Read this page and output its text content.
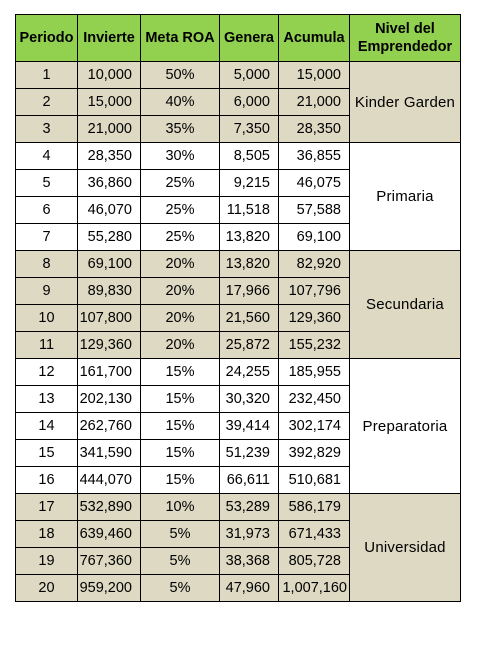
Periodo	Invierte	Meta ROA	Genera	Acumula	Nivel del Emprendedor
1	10,000	50%	5,000	15,000	Kinder Garden
2	15,000	40%	6,000	21,000	
3	21,000	35%	7,350	28,350	
4	28,350	30%	8,505	36,855	Primaria
5	36,860	25%	9,215	46,075	
6	46,070	25%	11,518	57,588	
7	55,280	25%	13,820	69,100	
8	69,100	20%	13,820	82,920	Secundaria
9	89,830	20%	17,966	107,796	
10	107,800	20%	21,560	129,360	
11	129,360	20%	25,872	155,232	
12	161,700	15%	24,255	185,955	Preparatoria
13	202,130	15%	30,320	232,450	
14	262,760	15%	39,414	302,174	
15	341,590	15%	51,239	392,829	
16	444,070	15%	66,611	510,681	
17	532,890	10%	53,289	586,179	Universidad
18	639,460	5%	31,973	671,433	
19	767,360	5%	38,368	805,728	
20	959,200	5%	47,960	1,007,160	
